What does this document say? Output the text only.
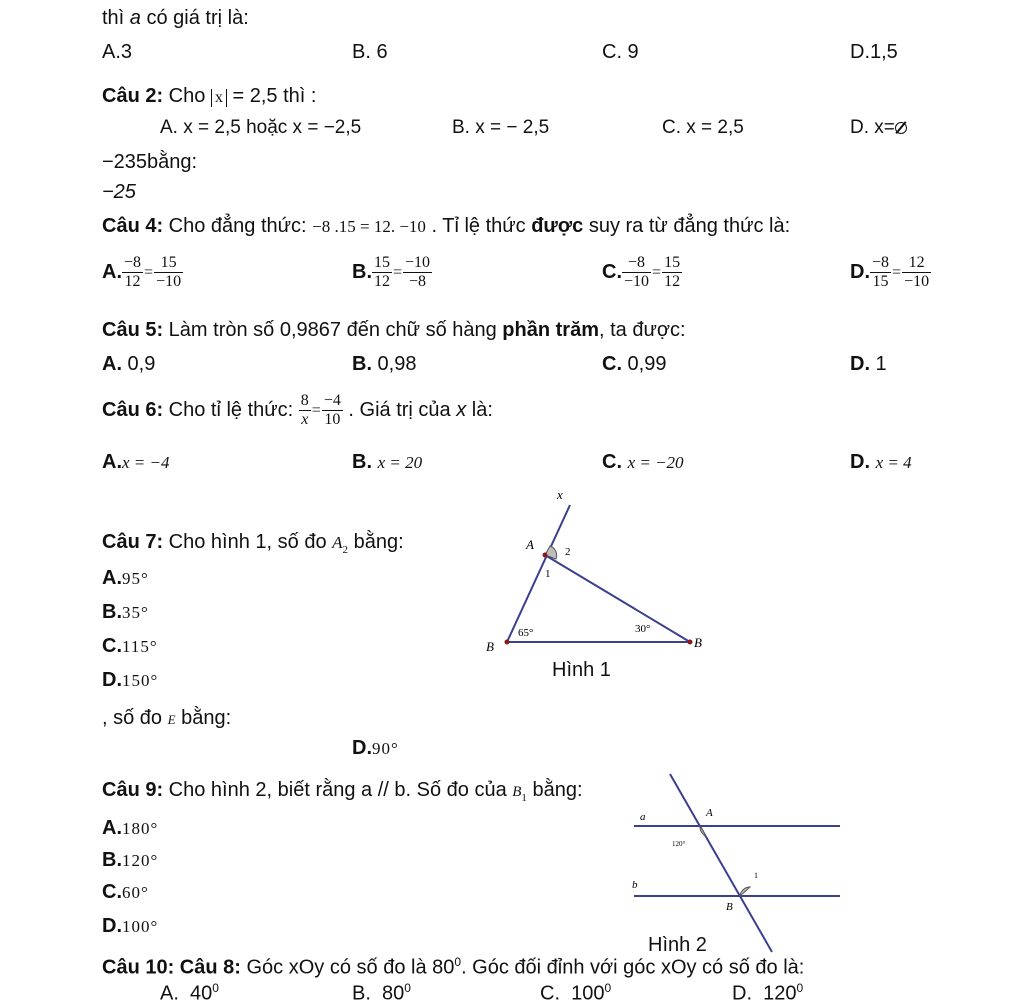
thì a có giá trị là:
A.3	B. 6	C. 9	D.1,5
Câu 2: Cho x = 2,5 thì :
A. x = 2,5 hoặc x = −2,5	B. x = − 2,5	C. x = 2,5	D. x=
−235bằng:
−25
Câu 4: Cho đẳng thức: −8 .15 = 12. −10 . Tỉ lệ thức được suy ra từ đẳng thức là:
A. $\frac{-8}{12} = \frac{15}{-10}$	B. $\frac{15}{12} = \frac{-10}{-8}$	C. $\frac{-8}{-10} = \frac{15}{12}$	D. $\frac{-8}{15} = \frac{12}{-10}$
Câu 5: Làm tròn số 0,9867 đến chữ số hàng phần trăm, ta được:
A. 0,9	B. 0,98	C. 0,99	D. 1
Câu 6: Cho tỉ lệ thức: $\frac{8}{x} = \frac{-4}{10}$ . Giá trị của x là:
A.x = −4	B. x = 20	C. x = −20	D. x = 4
Câu 7: Cho hình 1, số đo $A_2$ bằng:
A.95°
B.35°
C.115°
D.150°
x
A	2
1
65°	30°
B	B
Hình 1
, số đo E bằng:
D.90°
Câu 9: Cho hình 2, biết rằng a // b. Số đo của $B_1$ bằng:
A.180°
B.120°
C.60°
D.100°
a	A
120°
b
1
B
Hình 2
Câu 10: Câu 8: Góc xOy có số đo là $80^0$. Góc đối đỉnh với góc xOy có số đo là:
A. $40^0$	B. $80^0$	C. $100^0$	D. $120^0$
